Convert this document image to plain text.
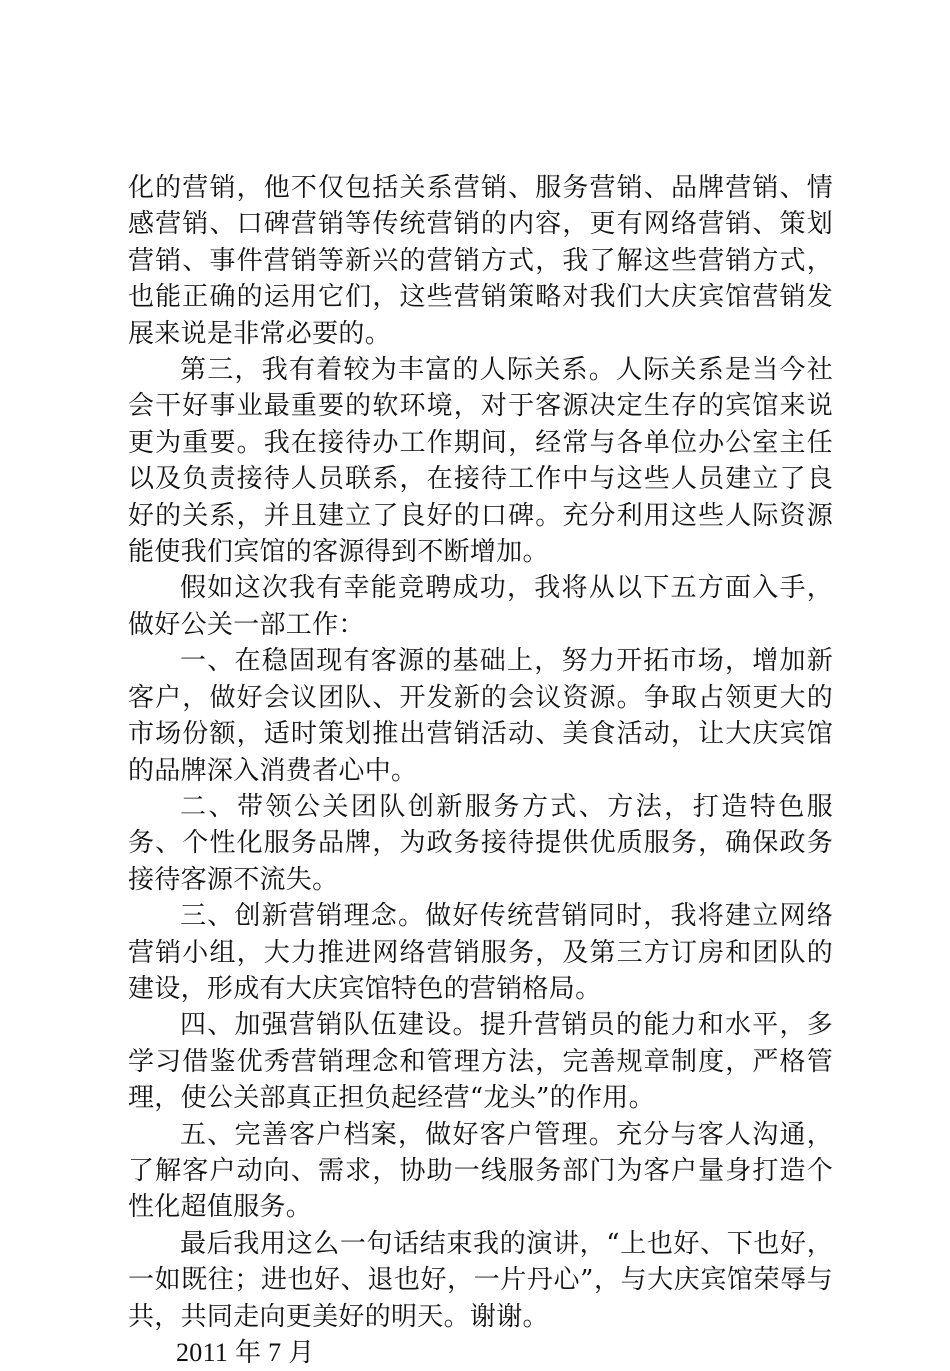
化的营销，他不仅包括关系营销、服务营销、品牌营销、情感营销、口碑营销等传统营销的内容，更有网络营销、策划营销、事件营销等新兴的营销方式，我了解这些营销方式，也能正确的运用它们，这些营销策略对我们大庆宾馆营销发展来说是非常必要的。

第三，我有着较为丰富的人际关系。人际关系是当今社会干好事业最重要的软环境，对于客源决定生存的宾馆来说更为重要。我在接待办工作期间，经常与各单位办公室主任以及负责接待人员联系，在接待工作中与这些人员建立了良好的关系，并且建立了良好的口碑。充分利用这些人际资源能使我们宾馆的客源得到不断增加。

假如这次我有幸能竞聘成功，我将从以下五方面入手，做好公关一部工作：

一、在稳固现有客源的基础上，努力开拓市场，增加新客户，做好会议团队、开发新的会议资源。争取占领更大的市场份额，适时策划推出营销活动、美食活动，让大庆宾馆的品牌深入消费者心中。

二、带领公关团队创新服务方式、方法，打造特色服务、个性化服务品牌，为政务接待提供优质服务，确保政务接待客源不流失。

三、创新营销理念。做好传统营销同时，我将建立网络营销小组，大力推进网络营销服务，及第三方订房和团队的建设，形成有大庆宾馆特色的营销格局。

四、加强营销队伍建设。提升营销员的能力和水平，多学习借鉴优秀营销理念和管理方法，完善规章制度，严格管理，使公关部真正担负起经营“龙头”的作用。

五、完善客户档案，做好客户管理。充分与客人沟通，了解客户动向、需求，协助一线服务部门为客户量身打造个性化超值服务。

最后我用这么一句话结束我的演讲，“上也好、下也好，一如既往；进也好、退也好，一片丹心”，与大庆宾馆荣辱与共，共同走向更美好的明天。谢谢。

2011 年 7 月
